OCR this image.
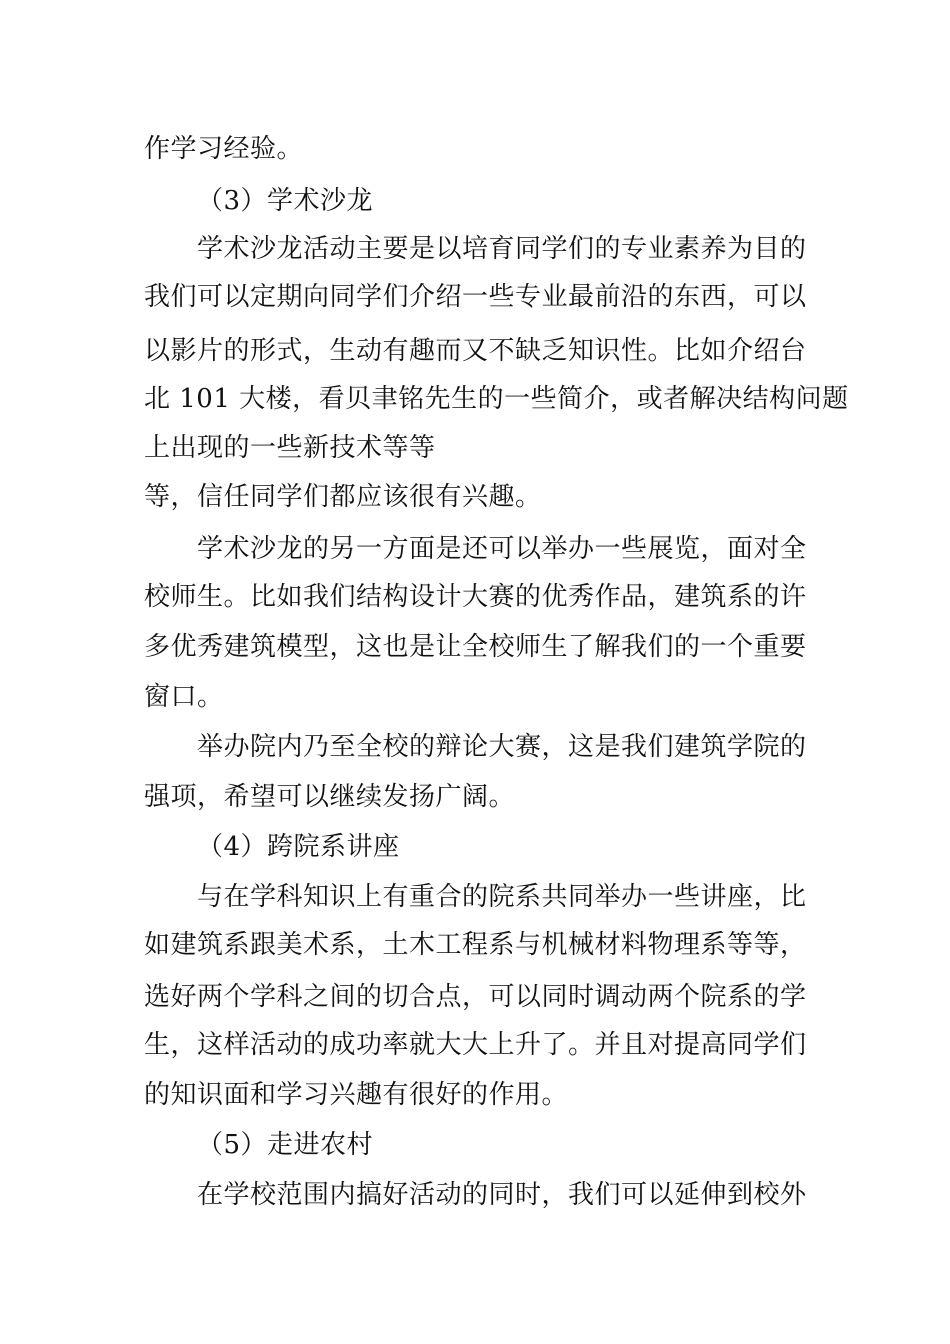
作学习经验。
（3）学术沙龙
学术沙龙活动主要是以培育同学们的专业素养为目的
我们可以定期向同学们介绍一些专业最前沿的东西，可以
以影片的形式，生动有趣而又不缺乏知识性。比如介绍台
北 101 大楼，看贝聿铭先生的一些简介，或者解决结构问题
上出现的一些新技术等等
等，信任同学们都应该很有兴趣。
学术沙龙的另一方面是还可以举办一些展览，面对全
校师生。比如我们结构设计大赛的优秀作品，建筑系的许
多优秀建筑模型，这也是让全校师生了解我们的一个重要
窗口。
举办院内乃至全校的辩论大赛，这是我们建筑学院的
强项，希望可以继续发扬广阔。
（4）跨院系讲座
与在学科知识上有重合的院系共同举办一些讲座，比
如建筑系跟美术系，土木工程系与机械材料物理系等等，
选好两个学科之间的切合点，可以同时调动两个院系的学
生，这样活动的成功率就大大上升了。并且对提高同学们
的知识面和学习兴趣有很好的作用。
（5）走进农村
在学校范围内搞好活动的同时，我们可以延伸到校外
